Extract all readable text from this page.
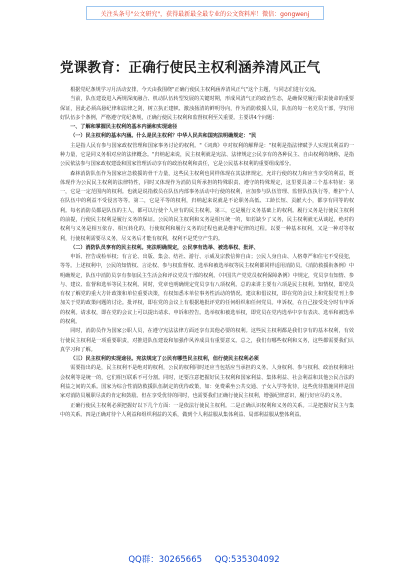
关注头条号"公文研究"，获得最新最全最专业的公文资料库！ 微信：gongwenj
党课教育：正确行使民主权利涵养清风正气

根据党纪条规学习月活动安排，今天由我围绕"正确行使民主权利涵养清风正气"这个主题，与同志们进行交流。

当前，队伍建设进入两规深度融合、机动队伍转型发展的关键时期，形成风清气正的政治生态，是确保党履行职责使命的重要保证，因此必须高悬纪律和法律之剑，树立执正建帜、激浊扬清的鲜明导向，作为消防救援人员，队伍的每一名党员干部，学好用好队伍多个条例，严格遵守党纪条规，正确行使民主权利和监督权利至关重要。主要讲4个问题：

一、了解和掌握民主权利的基本内涵和实现途径

（一）民主权利的基本内涵。什么是民主权利？中华人民共和国宪法明确规定："民

主是指人民有参与国家政权管理和国家事务讨论的权利。"《词典》中对权利的解释是："权利是指法律赋予人实现其利益的一种力量，它是同义务相对应的法律概念。"归纳起来说，民主权利就是宪法、法律规定公民享有的各种民主、自由权利的统称，是指公民依法参与国家政权建设和国家管理活动享有的政治权利和责任，它是公民基本权利的重要组成部分。

森林消防队伍作为国家应急救援的骨干力量，这些民主权利也同样体现在其法律规定，允许行使的权力和应当享受的利益，既体现作为公民民主权利的法律特性，同时又体现作为消防员所承担的特殊职责、遵守的特殊规定，这里要具备三个基本特征：第一，它是一定范围内的权利。也就是说指救员在队伍内部事务活动中行使的权利，应加参与队伍管理、监督队伍执行等，维护个人在队伍中的利益不受侵害等等。第二，它是平等的权利，归纳起来说就是不论职务高低、工龄长短、贡献大小，都享有同等的权利。每名消防员都是队伍的主人，都可以行使个人应有的民主权利。第三，它是履行义务基础上的权利。履行义务是行使民主权利的前提，行使民主权利是履行义务的保证。公民的民主权利和义务是相互统一的，如若缺少了义务，民主权利就无从谈起，绝对的权利与义务是相互依存、相互转化的，行使权利和履行义务的过程也就是维护纪律的过程。以要一种基本权利，又是一种对等权利，行使权利需要尽义务，尽义务后才能有权利，权利不是凭空产生的。

（二）消防队员享有的民主权利。宪法明确规定，公民享有选举、被选举权、批评、

申诉、控告或检举权；有言论、出版、集会、结社、游行、示威及宗教信仰自由；公民人身自由、人格尊严和住宅不受侵犯，等等。上述权利中，公民的知情权、言论权、参与权监督权、选举和被选举权等民主权利都同样适用消防员。《消防救援衔条例》中明确规定，队伍中消防员享有参加民主生活会和评议党员干部的权利。《中国共产党党员权利保障条例》中规定，党员享有知情、参与、建议、监督和选举等民主权利。同时，党章也明确规定党员享有八项权利。总的来讲主要有六项是民主权利。知情权，即党员有权了解党的重大方针政策和单位重要决策，有权知悉本单位事务性活动的情况。建议和倡议权，即在党的会议上和党报党刊上参加关于党的政策问题的讨论。批评权，即在党的会议上有根据地批评党的任何组织和任何党员。申诉权，在自己接受处分时有申诉的权利。请求权，即在党的会议上可以提出请求、申诉和控告。选举权和被选举权，即党员在党内选举中享有表决、选举和被选举的权利。

同时，消防员作为国家公职人员，在遵守宪法法律方面还享有其他必要的权利。这些民主权利都是我们享有的基本权利，有效行使民主权利是一项重要职责，对推进队伍建设和加强作风养成具有重要意义。总之，我们有哪些权利和义务，这些都需要我们认真学习和了解。

（三）民主权利的实现途径。宪法规定了公民有哪些民主权利，但行使民主权利必须

需要指出的是，民主权利不是绝对的权利，公民的权利同时还应当包括应当承担的义务。人身权利、参与权利、政治权利和社会权利等是统一的，它们相互联系不可分割。同时，还要注意把握好民主权利和国家利益、集体利益、社会利益和其他公民合法的利益之间的关系。国家为综合性消防救援队伍制定的优待政策，如：免费乘坐公共交通、子女入学等优待，这些优待措施同样是国家对消防员履职尽责的肯定和鼓励。但在享受优待的同时，也需要我们正确行使民主权利，增强纪律意识，履行好应尽的义务。

正确行使民主权利必须把握好以下几个方面：一是依法行使民主权利。二是正确认识权利和义务的关系。三是把握好民主与集中的关系。四是正确对待个人利益和组织利益的关系，做到个人利益服从集体利益、局部利益服从整体利益。

QQ群：30265665 QQ:535304092
